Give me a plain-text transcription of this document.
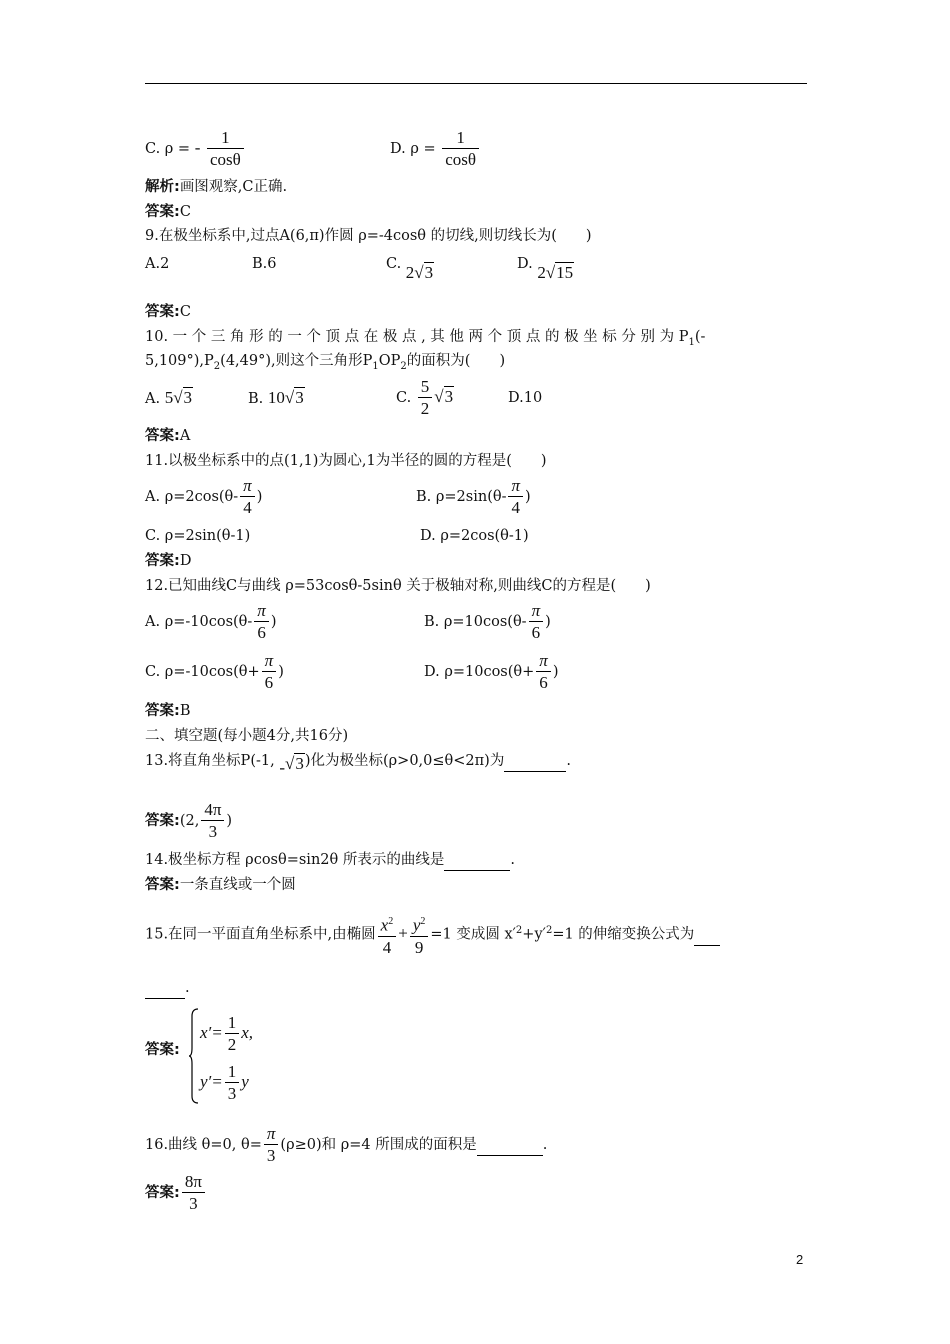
C. ρ = - $\frac{1}{\cos\theta}$	D. $\rho = \frac{1}{\cos\theta}$
解析:画图观察,C正确.
答案:C
9.在极坐标系中,过点A(6,π)作圆 ρ=-4cosθ 的切线,则切线长为(　　)
A.2	B.6	C. 2√3	D. 2√15
答案:C
10. 一 个 三 角 形 的 一 个 顶 点 在 极 点 , 其 他 两 个 顶 点 的 极 坐 标 分 别 为 $P_1(-$
$5,109^\circ),P_2(4,49^\circ)$,则这个三角形$P_1OP_2$的面积为(　　)
A. 5√3	B. 10√3	C. $\frac{5}{2} √3$	D.10
答案:A
11.以极坐标系中的点(1,1)为圆心,1为半径的圆的方程是(　　)
A. $\rho=2\cos(\theta- \frac{\pi}{4}$ )	B. $\rho=2\sin(\theta- \frac{\pi}{4}$ )
C. ρ=2sin(θ-1)	D. ρ=2cos(θ-1)
答案:D
12.已知曲线C与曲线 ρ=53cosθ-5sinθ 关于极轴对称,则曲线C的方程是(　　)
A. $\rho=-10\cos(\theta- \frac{\pi}{6}$ )	B. $\rho=10\cos(\theta- \frac{\pi}{6}$ )
C. $\rho=-10\cos(\theta+ \frac{\pi}{6}$ )	D. $\rho=10\cos(\theta+ \frac{\pi}{6}$ )
答案:B
二、填空题(每小题4分,共16分)
13.将直角坐标P(-1, -√3)化为极坐标(ρ>0,0≤θ<2π)为	.
答案:(2, $\frac{4\pi}{3}$ )
14.极坐标方程 ρcosθ=sin2θ 所表示的曲线是	.
答案:一条直线或一个圆
15.在同一平面直角坐标系中,由椭圆 $\frac{x^2}{4} + \frac{y^2}{9} =1$ 变成圆 $x'^2+y'^2=1$ 的伸缩变换公式为
.
答案:
$x'= \frac{1}{2} x$,
$y'= \frac{1}{3}$ y
16.曲线 θ=0, $\theta= \frac{\pi}{3} (\rho\ge 0)$和 ρ=4 所围成的面积是	.
答案: $\frac{8\pi}{3}$
2
